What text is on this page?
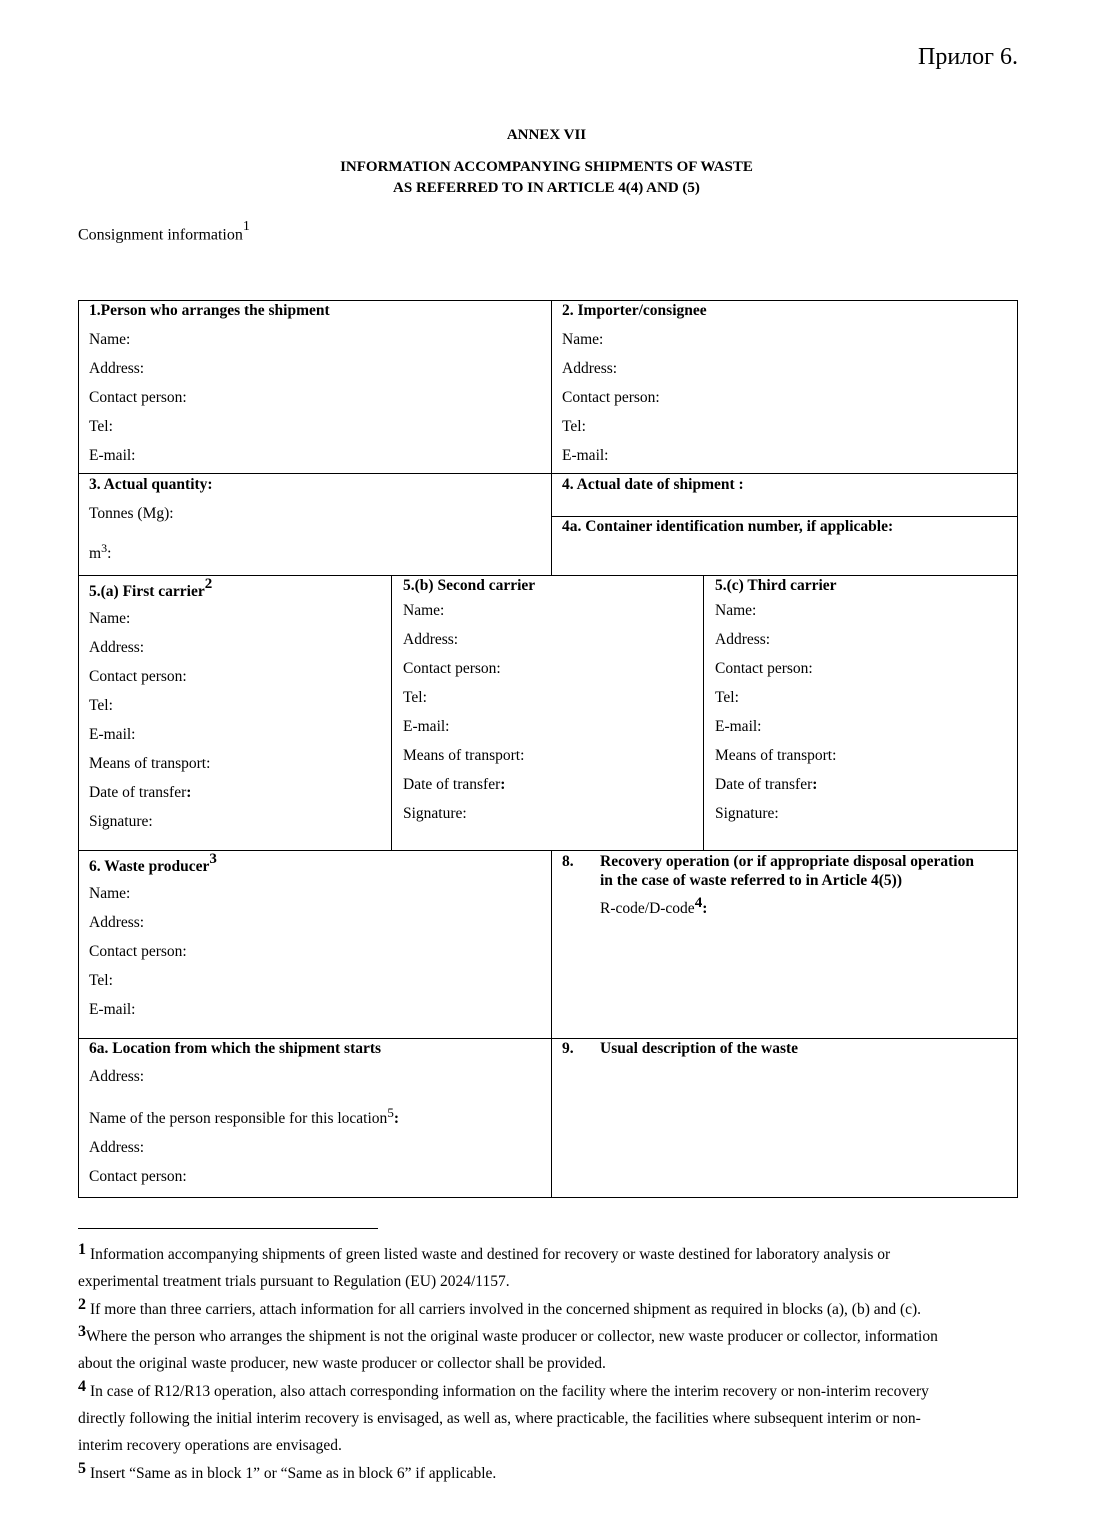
Прилог 6.
ANNEX VII
INFORMATION ACCOMPANYING SHIPMENTS OF WASTE
AS REFERRED TO IN ARTICLE 4(4) AND (5)
Consignment information$^1$
1.Person who arranges the shipment
Name:
Address:
Contact person:
Tel:
E-mail:
2. Importer/consignee
Name:
Address:
Contact person:
Tel:
E-mail:
3. Actual quantity:
Tonnes (Mg):
$m^3$:
4. Actual date of shipment :
4a. Container identification number, if applicable:
5.(a) First carrier$^2$
Name:
Address:
Contact person:
Tel:
E-mail:
Means of transport:
Date of transfer:
Signature:
5.(b) Second carrier
Name:
Address:
Contact person:
Tel:
E-mail:
Means of transport:
Date of transfer:
Signature:
5.(c) Third carrier
Name:
Address:
Contact person:
Tel:
E-mail:
Means of transport:
Date of transfer:
Signature:
6. Waste producer$^3$
Name:
Address:
Contact person:
Tel:
E-mail:
8. Recovery operation (or if appropriate disposal operation
in the case of waste referred to in Article 4(5))
R-code/D-code$^4$:
6a. Location from which the shipment starts
Address:
Name of the person responsible for this location$^5$:
Address:
Contact person:
9. Usual description of the waste
1 Information accompanying shipments of green listed waste and destined for recovery or waste destined for laboratory analysis or
experimental treatment trials pursuant to Regulation (EU) 2024/1157.
2 If more than three carriers, attach information for all carriers involved in the concerned shipment as required in blocks (a), (b) and (c).
3Where the person who arranges the shipment is not the original waste producer or collector, new waste producer or collector, information
about the original waste producer, new waste producer or collector shall be provided.
4 In case of R12/R13 operation, also attach corresponding information on the facility where the interim recovery or non-interim recovery
directly following the initial interim recovery is envisaged, as well as, where practicable, the facilities where subsequent interim or non-
interim recovery operations are envisaged.
5 Insert “Same as in block 1” or “Same as in block 6” if applicable.
